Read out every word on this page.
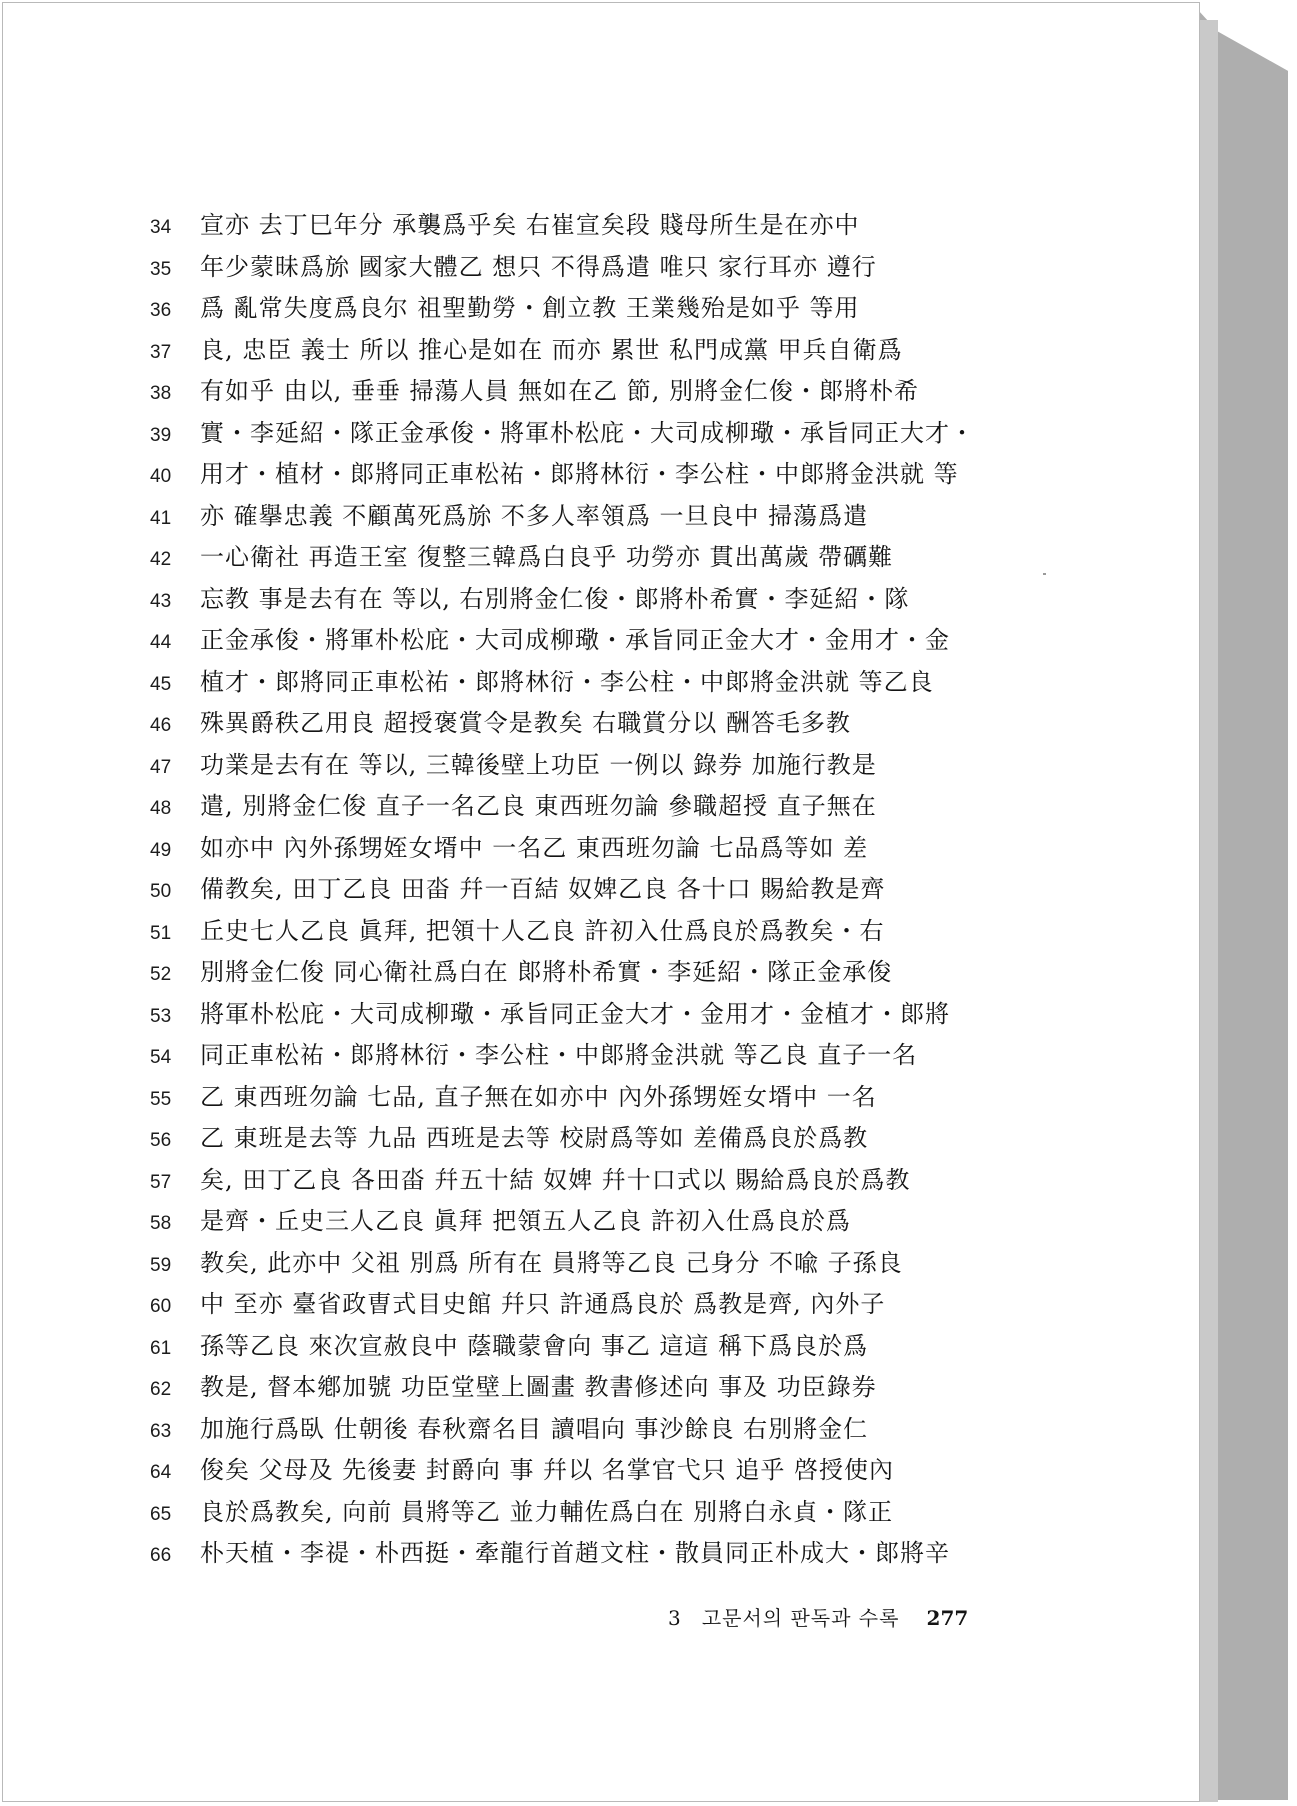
34	宣亦 去丁巳年分 承襲爲乎矣 右崔宣矣段 賤母所生是在亦中
35	年少蒙昧爲旀 國家大體乙 想只 不得爲遣 唯只 家行耳亦 遵行
36	爲 亂常失度爲良尔 祖聖勤勞・創立教 王業幾殆是如乎 等用
37	良, 忠臣 義士 所以 推心是如在 而亦 累世 私門成黨 甲兵自衛爲
38	有如乎 由以, 垂垂 掃蕩人員 無如在乙 節, 別將金仁俊・郞將朴希
39	實・李延紹・隊正金承俊・將軍朴松庇・大司成柳璥・承旨同正大才・
40	用才・植材・郞將同正車松祐・郞將林衍・李公柱・中郞將金洪就 等
41	亦 確擧忠義 不顧萬死爲旀 不多人率領爲 一旦良中 掃蕩爲遣
42	一心衛社 再造王室 復整三韓爲白良乎 功勞亦 貫出萬歲 帶礪難
43	忘教 事是去有在 等以, 右別將金仁俊・郞將朴希實・李延紹・隊
44	正金承俊・將軍朴松庇・大司成柳璥・承旨同正金大才・金用才・金
45	植才・郞將同正車松祐・郞將林衍・李公柱・中郞將金洪就 等乙良
46	殊異爵秩乙用良 超授褒賞令是教矣 右職賞分以 酬答毛多教
47	功業是去有在 等以, 三韓後壁上功臣 一例以 錄券 加施行教是
48	遣, 別將金仁俊 直子一名乙良 東西班勿論 參職超授 直子無在
49	如亦中 內外孫甥姪女壻中 一名乙 東西班勿論 七品爲等如 差
50	備教矣, 田丁乙良 田畓 幷一百結 奴婢乙良 各十口 賜給教是齊
51	丘史七人乙良 眞拜, 把領十人乙良 許初入仕爲良於爲教矣・右
52	別將金仁俊 同心衛社爲白在 郞將朴希實・李延紹・隊正金承俊
53	將軍朴松庇・大司成柳璥・承旨同正金大才・金用才・金植才・郞將
54	同正車松祐・郞將林衍・李公柱・中郞將金洪就 等乙良 直子一名
55	乙 東西班勿論 七品, 直子無在如亦中 內外孫甥姪女壻中 一名
56	乙 東班是去等 九品 西班是去等 校尉爲等如 差備爲良於爲教
57	矣, 田丁乙良 各田畓 幷五十結 奴婢 幷十口式以 賜給爲良於爲教
58	是齊・丘史三人乙良 眞拜 把領五人乙良 許初入仕爲良於爲
59	教矣, 此亦中 父祖 別爲 所有在 員將等乙良 己身分 不喩 子孫良
60	中 至亦 臺省政曺式目史館 幷只 許通爲良於 爲教是齊, 內外子
61	孫等乙良 來次宣赦良中 蔭職蒙會向 事乙 這這 稱下爲良於爲
62	教是, 督本鄕加號 功臣堂壁上圖畫 教書修述向 事及 功臣錄券
63	加施行爲臥 仕朝後 春秋齋名目 讀唱向 事沙餘良 右別將金仁
64	俊矣 父母及 先後妻 封爵向 事 幷以 名掌官弋只 追乎 啓授使內
65	良於爲教矣, 向前 員將等乙 並力輔佐爲白在 別將白永貞・隊正
66	朴天植・李禔・朴西挺・牽龍行首趙文柱・散員同正朴成大・郞將辛
3 고문서의 판독과 수록 277
